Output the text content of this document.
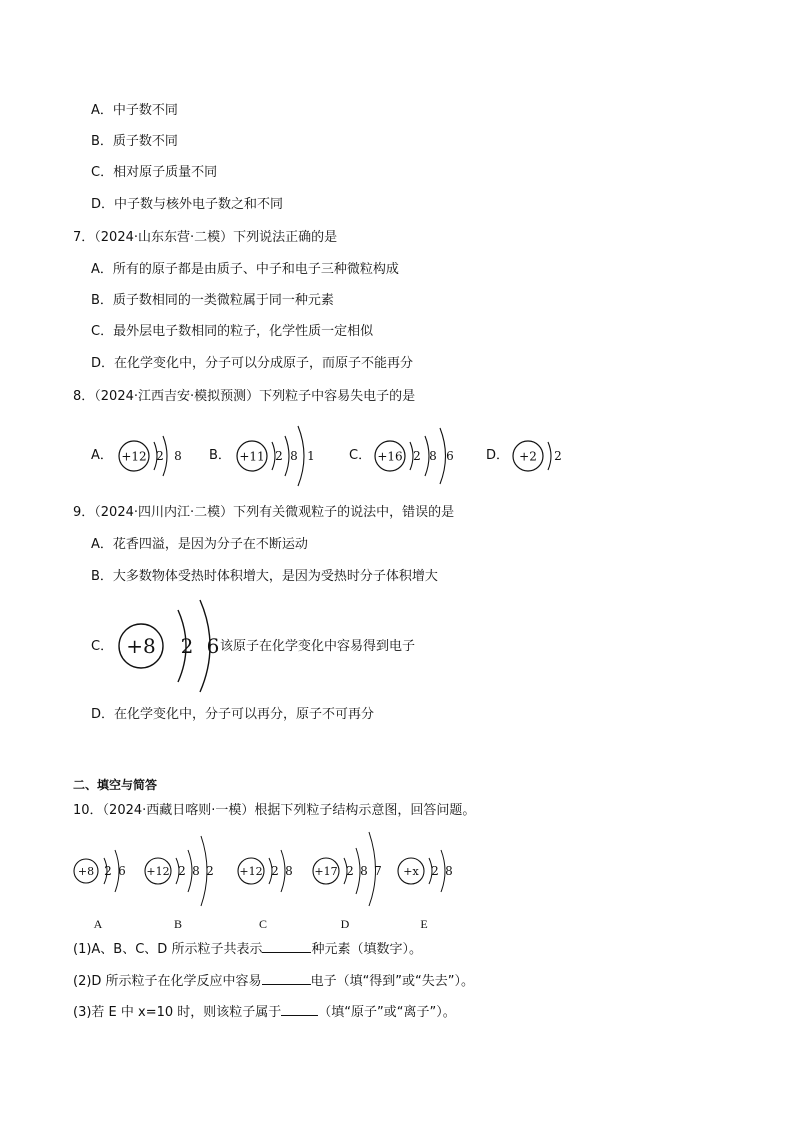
A．中子数不同
B．质子数不同
C．相对原子质量不同
D．中子数与核外电子数之和不同
7．（2024·山东东营·二模）下列说法正确的是
A．所有的原子都是由质子、中子和电子三种微粒构成
B．质子数相同的一类微粒属于同一种元素
C．最外层电子数相同的粒子，化学性质一定相似
D．在化学变化中，分子可以分成原子，而原子不能再分
8．（2024·江西吉安·模拟预测）下列粒子中容易失电子的是
A． +12 2 8 B． +11 2 8 1	C． +16 2 8 6 D． +2 2
9．（2024·四川内江·二模）下列有关微观粒子的说法中，错误的是
A．花香四溢，是因为分子在不断运动
B．大多数物体受热时体积增大，是因为受热时分子体积增大
C． +8 2 6 该原子在化学变化中容易得到电子
D．在化学变化中，分子可以再分，原子不可再分
二、填空与简答
10．（2024·西藏日喀则·一模）根据下列粒子结构示意图，回答问题。
+8 2 6 +12 2 8 2 +12 2 8 +17 2 8 7 +x 2 8
A	B	C	D	E
(1)A、B、C、D 所示粒子共表示	种元素（填数字）。
(2)D 所示粒子在化学反应中容易	电子（填“得到”或“失去”）。
(3)若 E 中 x=10 时，则该粒子属于	（填“原子”或“离子”）。
